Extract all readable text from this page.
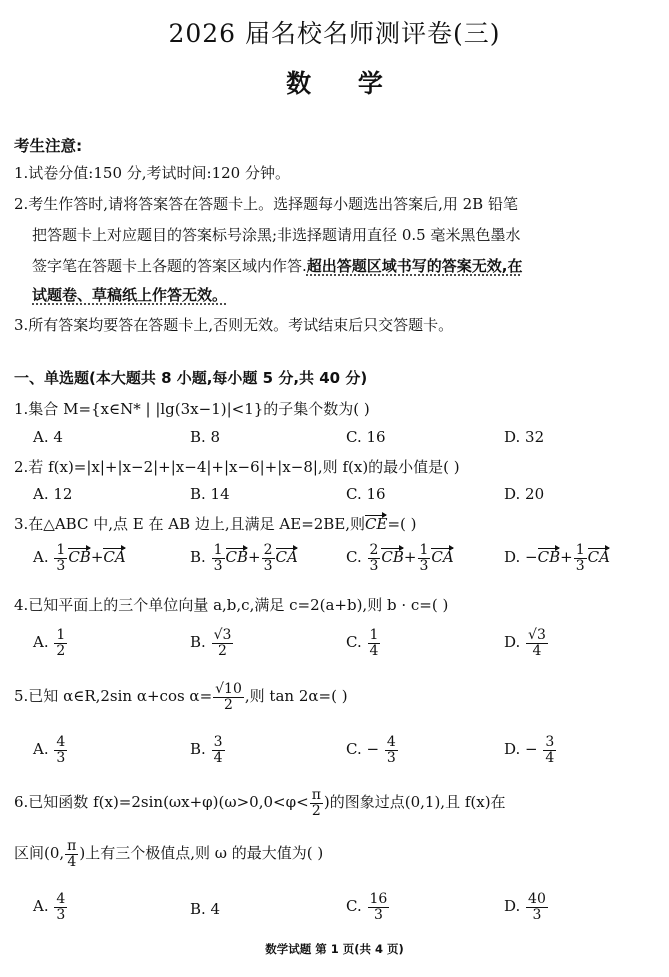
2026 届名校名师测评卷(三)
数 学
考生注意:
1.试卷分值:150 分,考试时间:120 分钟。
2.考生作答时,请将答案答在答题卡上。选择题每小题选出答案后,用 2B 铅笔
把答题卡上对应题目的答案标号涂黑;非选择题请用直径 0.5 毫米黑色墨水
签字笔在答题卡上各题的答案区域内作答.超出答题区域书写的答案无效,在
试题卷、草稿纸上作答无效。
3.所有答案均要答在答题卡上,否则无效。考试结束后只交答题卡。
一、单选题(本大题共 8 小题,每小题 5 分,共 40 分)
1.集合 M={x∈N* | |lg(3x−1)|<1}的子集个数为( )
A. 4	B. 8	C. 16	D. 32
2.若 f(x)=|x|+|x−2|+|x−4|+|x−6|+|x−8|,则 f(x)的最小值是( )
A. 12	B. 14	C. 16	D. 20
3.在△ABC 中,点 E 在 AB 边上,且满足 AE=2BE,则CE=( )
A. $\frac{1}{3} CB+CA$	B. $\frac{1}{3} CB+ \frac{2}{3}$ CA	C. $\frac{2}{3} CB+ \frac{1}{3}$ CA	D. $-CB+ \frac{1}{3}$ CA
4.已知平面上的三个单位向量 a,b,c,满足 c=2(a+b),则 b · c=( )
A. $\frac{1}{2}$	B. $\frac{√3}{2}$	C. $\frac{1}{4}$	D. $\frac{√3}{4}$
5.已知 α∈R,2sin α+cos $\alpha= \frac{√10}{2}$ ,则 tan 2α=( )
A. $\frac{4}{3}$	B. $\frac{3}{4}$	C. − $\frac{4}{3}$	D. − $\frac{3}{4}$
6.已知函数 $f(x)=2\sin(\omega x+\varphi)(\omega>0,0<\varphi< \frac{\pi}{2}$ )的图象过点(0,1),且 f(x)在
区间(0, $\frac{\pi}{4}$ )上有三个极值点,则 ω 的最大值为( )
A. $\frac{4}{3}$	B. 4	C. $\frac{16}{3}$	D. $\frac{40}{3}$
数学试题 第 1 页(共 4 页)
